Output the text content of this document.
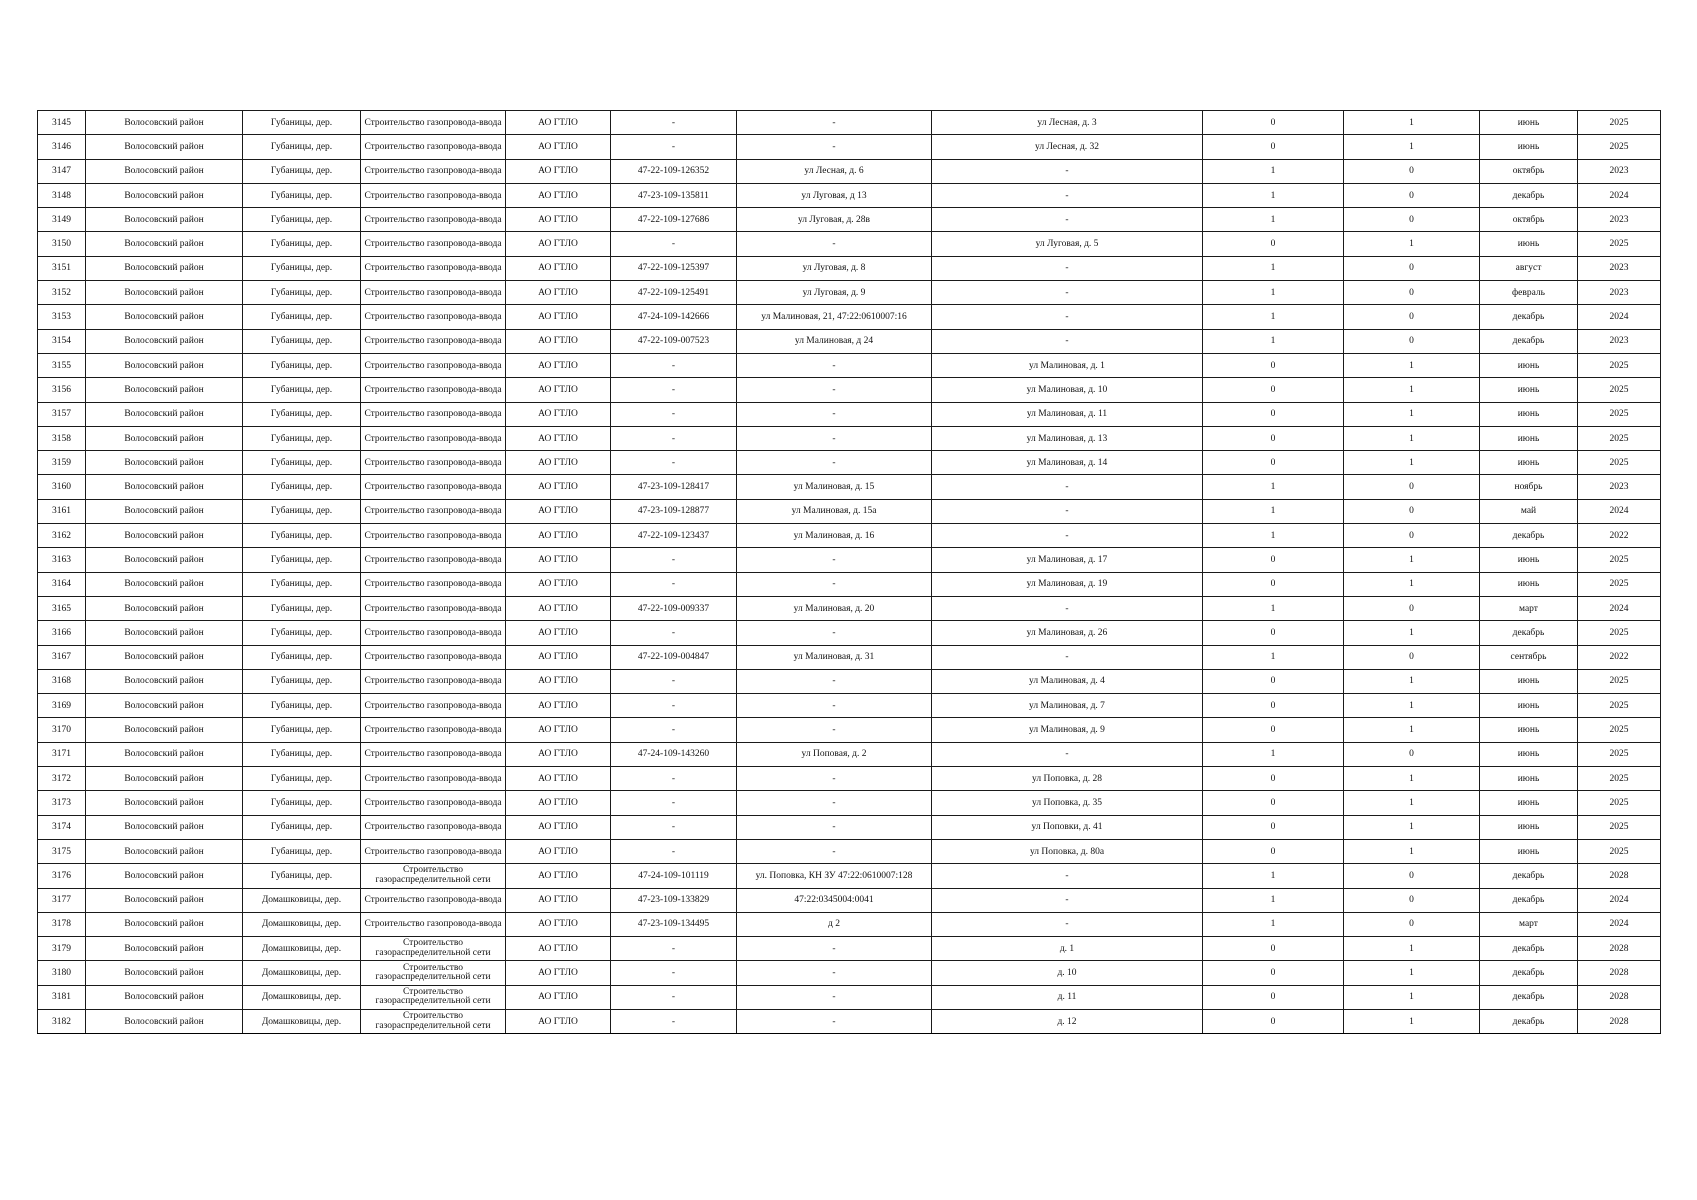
3145	Волосовский район	Губаницы, дер.	Строительство газопровода-ввода	АО ГТЛО	-	-	ул Лесная, д. 3	0	1	июнь	2025
3146	Волосовский район	Губаницы, дер.	Строительство газопровода-ввода	АО ГТЛО	-	-	ул Лесная, д. 32	0	1	июнь	2025
3147	Волосовский район	Губаницы, дер.	Строительство газопровода-ввода	АО ГТЛО	47-22-109-126352	ул Лесная, д. 6	-	1	0	октябрь	2023
3148	Волосовский район	Губаницы, дер.	Строительство газопровода-ввода	АО ГТЛО	47-23-109-135811	ул Луговая, д 13	-	1	0	декабрь	2024
3149	Волосовский район	Губаницы, дер.	Строительство газопровода-ввода	АО ГТЛО	47-22-109-127686	ул Луговая, д. 28в	-	1	0	октябрь	2023
3150	Волосовский район	Губаницы, дер.	Строительство газопровода-ввода	АО ГТЛО	-	-	ул Луговая, д. 5	0	1	июнь	2025
3151	Волосовский район	Губаницы, дер.	Строительство газопровода-ввода	АО ГТЛО	47-22-109-125397	ул Луговая, д. 8	-	1	0	август	2023
3152	Волосовский район	Губаницы, дер.	Строительство газопровода-ввода	АО ГТЛО	47-22-109-125491	ул Луговая, д. 9	-	1	0	февраль	2023
3153	Волосовский район	Губаницы, дер.	Строительство газопровода-ввода	АО ГТЛО	47-24-109-142666	ул Малиновая, 21, 47:22:0610007:16	-	1	0	декабрь	2024
3154	Волосовский район	Губаницы, дер.	Строительство газопровода-ввода	АО ГТЛО	47-22-109-007523	ул Малиновая, д 24	-	1	0	декабрь	2023
3155	Волосовский район	Губаницы, дер.	Строительство газопровода-ввода	АО ГТЛО	-	-	ул Малиновая, д. 1	0	1	июнь	2025
3156	Волосовский район	Губаницы, дер.	Строительство газопровода-ввода	АО ГТЛО	-	-	ул Малиновая, д. 10	0	1	июнь	2025
3157	Волосовский район	Губаницы, дер.	Строительство газопровода-ввода	АО ГТЛО	-	-	ул Малиновая, д. 11	0	1	июнь	2025
3158	Волосовский район	Губаницы, дер.	Строительство газопровода-ввода	АО ГТЛО	-	-	ул Малиновая, д. 13	0	1	июнь	2025
3159	Волосовский район	Губаницы, дер.	Строительство газопровода-ввода	АО ГТЛО	-	-	ул Малиновая, д. 14	0	1	июнь	2025
3160	Волосовский район	Губаницы, дер.	Строительство газопровода-ввода	АО ГТЛО	47-23-109-128417	ул Малиновая, д. 15	-	1	0	ноябрь	2023
3161	Волосовский район	Губаницы, дер.	Строительство газопровода-ввода	АО ГТЛО	47-23-109-128877	ул Малиновая, д. 15а	-	1	0	май	2024
3162	Волосовский район	Губаницы, дер.	Строительство газопровода-ввода	АО ГТЛО	47-22-109-123437	ул Малиновая, д. 16	-	1	0	декабрь	2022
3163	Волосовский район	Губаницы, дер.	Строительство газопровода-ввода	АО ГТЛО	-	-	ул Малиновая, д. 17	0	1	июнь	2025
3164	Волосовский район	Губаницы, дер.	Строительство газопровода-ввода	АО ГТЛО	-	-	ул Малиновая, д. 19	0	1	июнь	2025
3165	Волосовский район	Губаницы, дер.	Строительство газопровода-ввода	АО ГТЛО	47-22-109-009337	ул Малиновая, д. 20	-	1	0	март	2024
3166	Волосовский район	Губаницы, дер.	Строительство газопровода-ввода	АО ГТЛО	-	-	ул Малиновая, д. 26	0	1	декабрь	2025
3167	Волосовский район	Губаницы, дер.	Строительство газопровода-ввода	АО ГТЛО	47-22-109-004847	ул Малиновая, д. 31	-	1	0	сентябрь	2022
3168	Волосовский район	Губаницы, дер.	Строительство газопровода-ввода	АО ГТЛО	-	-	ул Малиновая, д. 4	0	1	июнь	2025
3169	Волосовский район	Губаницы, дер.	Строительство газопровода-ввода	АО ГТЛО	-	-	ул Малиновая, д. 7	0	1	июнь	2025
3170	Волосовский район	Губаницы, дер.	Строительство газопровода-ввода	АО ГТЛО	-	-	ул Малиновая, д. 9	0	1	июнь	2025
3171	Волосовский район	Губаницы, дер.	Строительство газопровода-ввода	АО ГТЛО	47-24-109-143260	ул Поповая, д. 2	-	1	0	июнь	2025
3172	Волосовский район	Губаницы, дер.	Строительство газопровода-ввода	АО ГТЛО	-	-	ул Поповка, д. 28	0	1	июнь	2025
3173	Волосовский район	Губаницы, дер.	Строительство газопровода-ввода	АО ГТЛО	-	-	ул Поповка, д. 35	0	1	июнь	2025
3174	Волосовский район	Губаницы, дер.	Строительство газопровода-ввода	АО ГТЛО	-	-	ул Поповки, д. 41	0	1	июнь	2025
3175	Волосовский район	Губаницы, дер.	Строительство газопровода-ввода	АО ГТЛО	-	-	ул Поповка, д. 80а	0	1	июнь	2025
3176	Волосовский район	Губаницы, дер.	Строительство газораспределительной сети	АО ГТЛО	47-24-109-101119	ул. Поповка, КН ЗУ 47:22:0610007:128	-	1	0	декабрь	2028
3177	Волосовский район	Домашковицы, дер.	Строительство газопровода-ввода	АО ГТЛО	47-23-109-133829	47:22:0345004:0041	-	1	0	декабрь	2024
3178	Волосовский район	Домашковицы, дер.	Строительство газопровода-ввода	АО ГТЛО	47-23-109-134495	д 2	-	1	0	март	2024
3179	Волосовский район	Домашковицы, дер.	Строительство газораспределительной сети	АО ГТЛО	-	-	д. 1	0	1	декабрь	2028
3180	Волосовский район	Домашковицы, дер.	Строительство газораспределительной сети	АО ГТЛО	-	-	д. 10	0	1	декабрь	2028
3181	Волосовский район	Домашковицы, дер.	Строительство газораспределительной сети	АО ГТЛО	-	-	д. 11	0	1	декабрь	2028
3182	Волосовский район	Домашковицы, дер.	Строительство газораспределительной сети	АО ГТЛО	-	-	д. 12	0	1	декабрь	2028
